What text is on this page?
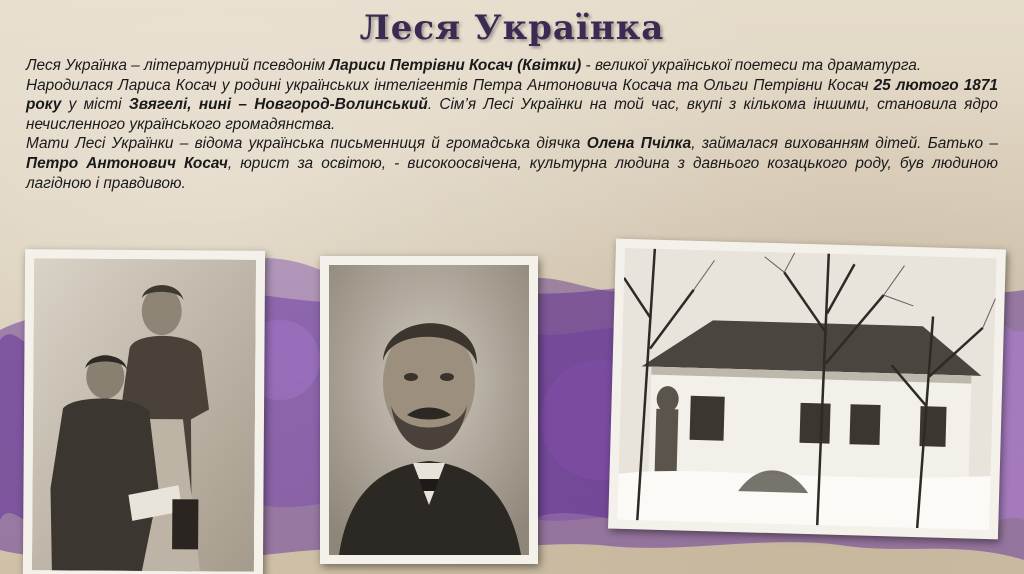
Леся Українка

Леся Українка – літературний псевдонім Лариси Петрівни Косач (Квітки) - великої української поетеси та драматурга.

Народилася Лариса Косач у родині українських інтелігентів Петра Антоновича Косача та Ольги Петрівни Косач 25 лютого 1871 року у місті Звягелі, нині – Новгород-Волинський. Сім’я Лесі Українки на той час, вкупі з кількома іншими, становила ядро нечисленного українського громадянства.

Мати Лесі Українки – відома українська письменниця й громадська діячка Олена Пчілка, займалася вихованням дітей. Батько – Петро Антонович Косач, юрист за освітою, - високоосвічена, культурна людина з давнього козацького роду, був людиною лагідною і правдивою.
